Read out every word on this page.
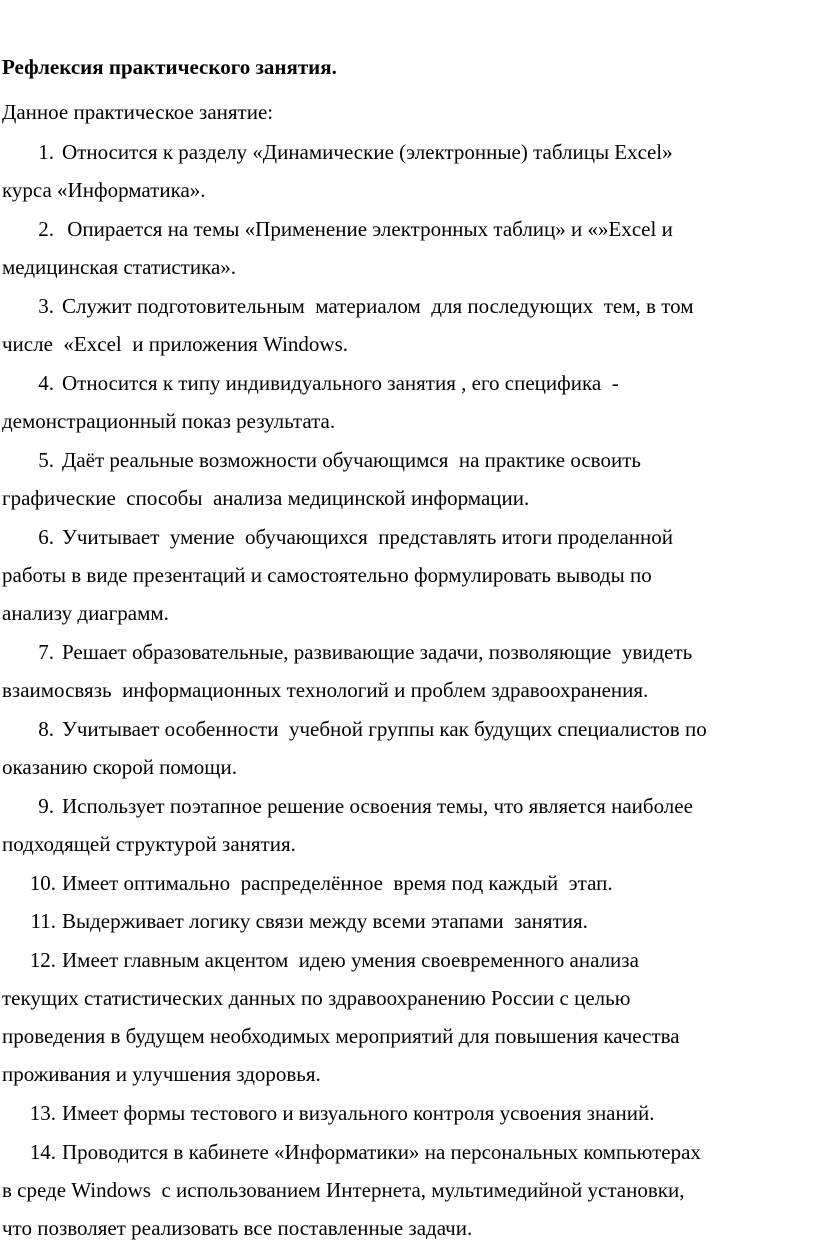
Рефлексия практического занятия.
Данное практическое занятие:
1. Относится к разделу «Динамические (электронные) таблицы Excel»
курса «Информатика».
2. Опирается на темы «Применение электронных таблиц» и «»Excel и
медицинская статистика».
3. Служит подготовительным  материалом  для последующих  тем, в том
числе  «Excel  и приложения Windows.
4. Относится к типу индивидуального занятия , его специфика  -
демонстрационный показ результата.
5. Даёт реальные возможности обучающимся  на практике освоить
графические  способы  анализа медицинской информации.
6. Учитывает  умение  обучающихся  представлять итоги проделанной
работы в виде презентаций и самостоятельно формулировать выводы по
анализу диаграмм.
7. Решает образовательные, развивающие задачи, позволяющие  увидеть
взаимосвязь  информационных технологий и проблем здравоохранения.
8. Учитывает особенности  учебной группы как будущих специалистов по
оказанию скорой помощи.
9. Использует поэтапное решение освоения темы, что является наиболее
подходящей структурой занятия.
10. Имеет оптимально  распределённое  время под каждый  этап.
11. Выдерживает логику связи между всеми этапами  занятия.
12. Имеет главным акцентом  идею умения своевременного анализа
текущих статистических данных по здравоохранению России с целью
проведения в будущем необходимых мероприятий для повышения качества
проживания и улучшения здоровья.
13. Имеет формы тестового и визуального контроля усвоения знаний.
14. Проводится в кабинете «Информатики» на персональных компьютерах
в среде Windows  с использованием Интернета, мультимедийной установки,
что позволяет реализовать все поставленные задачи.
